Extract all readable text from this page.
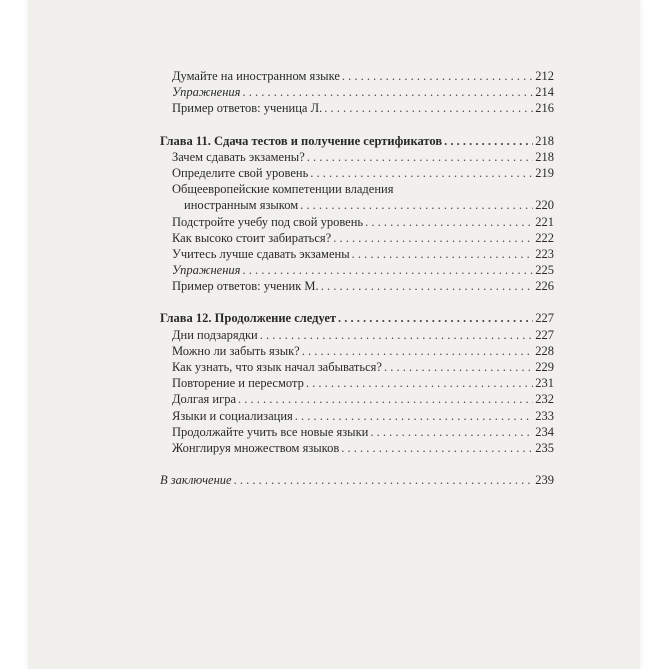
Думайте на иностранном языке . . .	212
Упражнения . . .	214
Пример ответов: ученица Л. . . .	216
Глава 11. Сдача тестов и получение сертификатов . . .	218
Зачем сдавать экзамены? . . .	218
Определите свой уровень . . .	219
Общеевропейские компетенции владения
иностранным языком . . .	220
Подстройте учебу под свой уровень . . .	221
Как высоко стоит забираться? . . .	222
Учитесь лучше сдавать экзамены . . .	223
Упражнения . . .	225
Пример ответов: ученик М. . . .	226
Глава 12. Продолжение следует . . .	227
Дни подзарядки . . .	227
Можно ли забыть язык? . . .	228
Как узнать, что язык начал забываться? . . .	229
Повторение и пересмотр . . .	231
Долгая игра . . .	232
Языки и социализация . . .	233
Продолжайте учить все новые языки . . .	234
Жонглируя множеством языков . . .	235
В заключение . . .	239
